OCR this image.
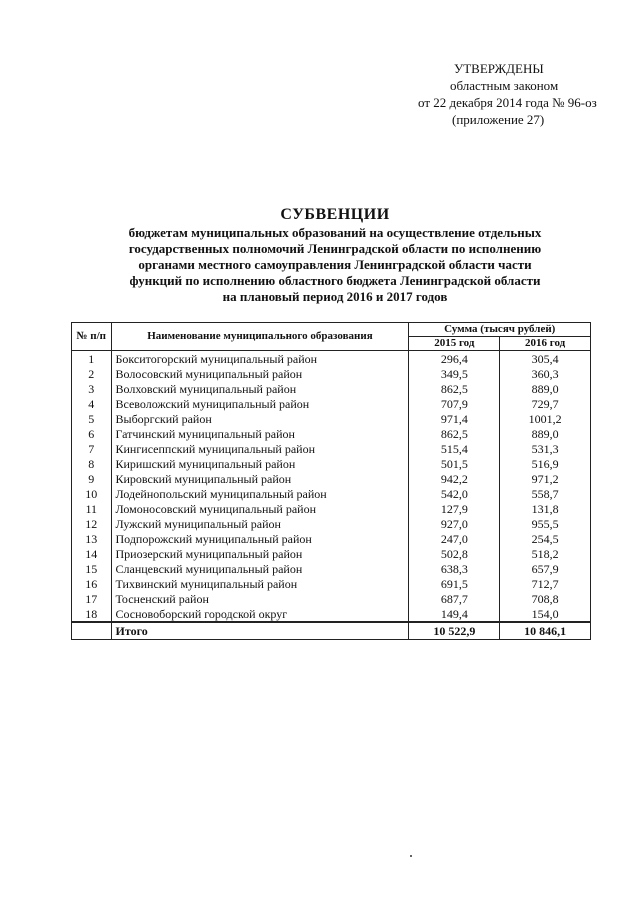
УТВЕРЖДЕНЫ
областным законом
от 22 декабря 2014 года № 96-оз
(приложение 27)
СУБВЕНЦИИ
бюджетам муниципальных образований на осуществление отдельных
государственных полномочий Ленинградской области по исполнению
органами местного самоуправления Ленинградской области части
функций по исполнению областного бюджета Ленинградской области
на плановый период 2016 и 2017 годов
№ п/п	Наименование муниципального образования	Сумма (тысяч рублей)	
		2015 год	2016 год
1	Бокситогорский муниципальный район	296,4	305,4
2	Волосовский муниципальный район	349,5	360,3
3	Волховский муниципальный район	862,5	889,0
4	Всеволожский муниципальный район	707,9	729,7
5	Выборгский район	971,4	1001,2
6	Гатчинский муниципальный район	862,5	889,0
7	Кингисеппский муниципальный район	515,4	531,3
8	Киришский муниципальный район	501,5	516,9
9	Кировский муниципальный район	942,2	971,2
10	Лодейнопольский муниципальный район	542,0	558,7
11	Ломоносовский муниципальный район	127,9	131,8
12	Лужский муниципальный район	927,0	955,5
13	Подпорожский муниципальный район	247,0	254,5
14	Приозерский муниципальный район	502,8	518,2
15	Сланцевский муниципальный район	638,3	657,9
16	Тихвинский муниципальный район	691,5	712,7
17	Тосненский район	687,7	708,8
18	Сосновоборский городской округ	149,4	154,0
	Итого	10 522,9	10 846,1
